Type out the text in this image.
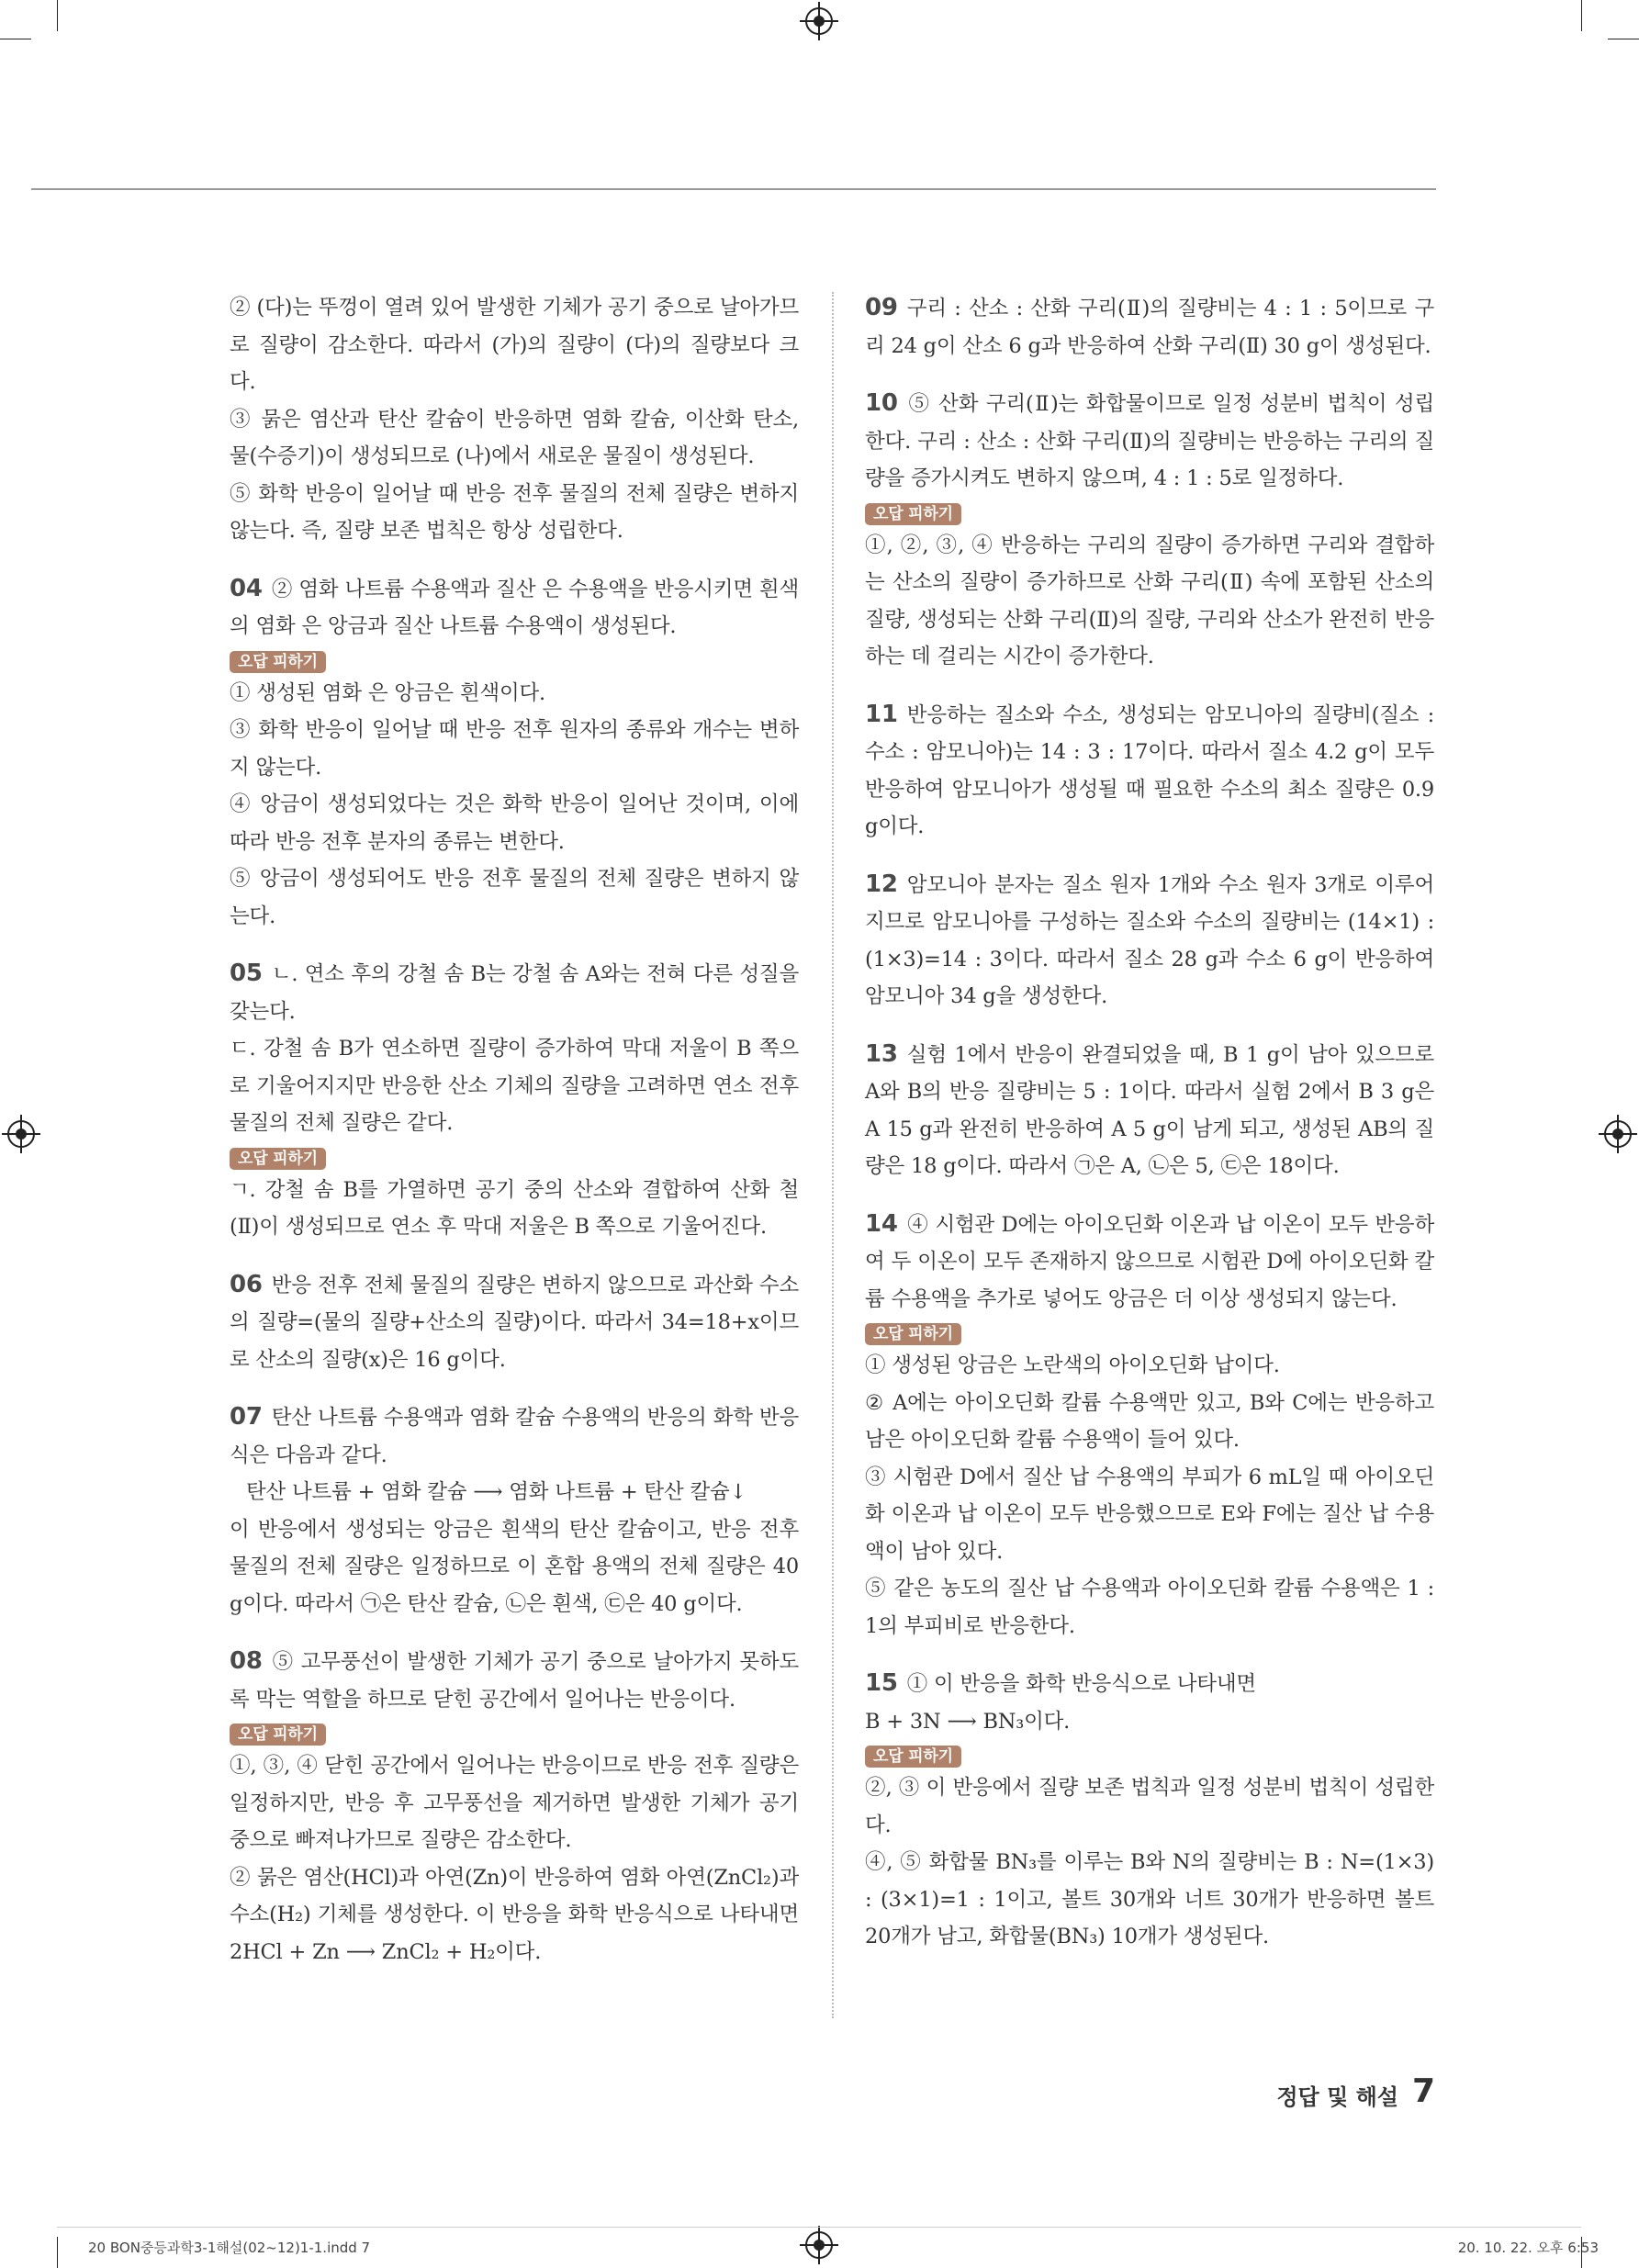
② (다)는 뚜껑이 열려 있어 발생한 기체가 공기 중으로 날아가므로 질량이 감소한다. 따라서 (가)의 질량이 (다)의 질량보다 크다.

③ 묽은 염산과 탄산 칼슘이 반응하면 염화 칼슘, 이산화 탄소, 물(수증기)이 생성되므로 (나)에서 새로운 물질이 생성된다.

⑤ 화학 반응이 일어날 때 반응 전후 물질의 전체 질량은 변하지 않는다. 즉, 질량 보존 법칙은 항상 성립한다.

04 ② 염화 나트륨 수용액과 질산 은 수용액을 반응시키면 흰색의 염화 은 앙금과 질산 나트륨 수용액이 생성된다.

오답 피하기

① 생성된 염화 은 앙금은 흰색이다.

③ 화학 반응이 일어날 때 반응 전후 원자의 종류와 개수는 변하지 않는다.

④ 앙금이 생성되었다는 것은 화학 반응이 일어난 것이며, 이에 따라 반응 전후 분자의 종류는 변한다.

⑤ 앙금이 생성되어도 반응 전후 물질의 전체 질량은 변하지 않는다.

05 ㄴ. 연소 후의 강철 솜 B는 강철 솜 A와는 전혀 다른 성질을 갖는다.

ㄷ. 강철 솜 B가 연소하면 질량이 증가하여 막대 저울이 B 쪽으로 기울어지지만 반응한 산소 기체의 질량을 고려하면 연소 전후 물질의 전체 질량은 같다.

오답 피하기

ㄱ. 강철 솜 B를 가열하면 공기 중의 산소와 결합하여 산화 철(Ⅱ)이 생성되므로 연소 후 막대 저울은 B 쪽으로 기울어진다.

06 반응 전후 전체 물질의 질량은 변하지 않으므로 과산화 수소의 질량=(물의 질량+산소의 질량)이다. 따라서 34=18+x이므로 산소의 질량(x)은 16 g이다.

07 탄산 나트륨 수용액과 염화 칼슘 수용액의 반응의 화학 반응식은 다음과 같다.

탄산 나트륨 + 염화 칼슘 ⟶ 염화 나트륨 + 탄산 칼슘↓

이 반응에서 생성되는 앙금은 흰색의 탄산 칼슘이고, 반응 전후 물질의 전체 질량은 일정하므로 이 혼합 용액의 전체 질량은 40 g이다. 따라서 ㉠은 탄산 칼슘, ㉡은 흰색, ㉢은 40 g이다.

08 ⑤ 고무풍선이 발생한 기체가 공기 중으로 날아가지 못하도록 막는 역할을 하므로 닫힌 공간에서 일어나는 반응이다.

오답 피하기

①, ③, ④ 닫힌 공간에서 일어나는 반응이므로 반응 전후 질량은 일정하지만, 반응 후 고무풍선을 제거하면 발생한 기체가 공기 중으로 빠져나가므로 질량은 감소한다.

② 묽은 염산(HCl)과 아연(Zn)이 반응하여 염화 아연(ZnCl₂)과 수소(H₂) 기체를 생성한다. 이 반응을 화학 반응식으로 나타내면 2HCl + Zn ⟶ ZnCl₂ + H₂이다.

09 구리 : 산소 : 산화 구리(Ⅱ)의 질량비는 4 : 1 : 5이므로 구리 24 g이 산소 6 g과 반응하여 산화 구리(Ⅱ) 30 g이 생성된다.

10 ⑤ 산화 구리(Ⅱ)는 화합물이므로 일정 성분비 법칙이 성립한다. 구리 : 산소 : 산화 구리(Ⅱ)의 질량비는 반응하는 구리의 질량을 증가시켜도 변하지 않으며, 4 : 1 : 5로 일정하다.

오답 피하기

①, ②, ③, ④ 반응하는 구리의 질량이 증가하면 구리와 결합하는 산소의 질량이 증가하므로 산화 구리(Ⅱ) 속에 포함된 산소의 질량, 생성되는 산화 구리(Ⅱ)의 질량, 구리와 산소가 완전히 반응하는 데 걸리는 시간이 증가한다.

11 반응하는 질소와 수소, 생성되는 암모니아의 질량비(질소 : 수소 : 암모니아)는 14 : 3 : 17이다. 따라서 질소 4.2 g이 모두 반응하여 암모니아가 생성될 때 필요한 수소의 최소 질량은 0.9 g이다.

12 암모니아 분자는 질소 원자 1개와 수소 원자 3개로 이루어지므로 암모니아를 구성하는 질소와 수소의 질량비는 (14×1) : (1×3)=14 : 3이다. 따라서 질소 28 g과 수소 6 g이 반응하여 암모니아 34 g을 생성한다.

13 실험 1에서 반응이 완결되었을 때, B 1 g이 남아 있으므로 A와 B의 반응 질량비는 5 : 1이다. 따라서 실험 2에서 B 3 g은 A 15 g과 완전히 반응하여 A 5 g이 남게 되고, 생성된 AB의 질량은 18 g이다. 따라서 ㉠은 A, ㉡은 5, ㉢은 18이다.

14 ④ 시험관 D에는 아이오딘화 이온과 납 이온이 모두 반응하여 두 이온이 모두 존재하지 않으므로 시험관 D에 아이오딘화 칼륨 수용액을 추가로 넣어도 앙금은 더 이상 생성되지 않는다.

오답 피하기

① 생성된 앙금은 노란색의 아이오딘화 납이다.

② A에는 아이오딘화 칼륨 수용액만 있고, B와 C에는 반응하고 남은 아이오딘화 칼륨 수용액이 들어 있다.

③ 시험관 D에서 질산 납 수용액의 부피가 6 mL일 때 아이오딘화 이온과 납 이온이 모두 반응했으므로 E와 F에는 질산 납 수용액이 남아 있다.

⑤ 같은 농도의 질산 납 수용액과 아이오딘화 칼륨 수용액은 1 : 1의 부피비로 반응한다.

15 ① 이 반응을 화학 반응식으로 나타내면

B + 3N ⟶ BN₃이다.

오답 피하기

②, ③ 이 반응에서 질량 보존 법칙과 일정 성분비 법칙이 성립한다.

④, ⑤ 화합물 BN₃를 이루는 B와 N의 질량비는 B : N=(1×3) : (3×1)=1 : 1이고, 볼트 30개와 너트 30개가 반응하면 볼트 20개가 남고, 화합물(BN₃) 10개가 생성된다.

정답 및 해설 7
20 BON중등과학3-1해설(02~12)1-1.indd 7	20. 10. 22. 오후 6:53
